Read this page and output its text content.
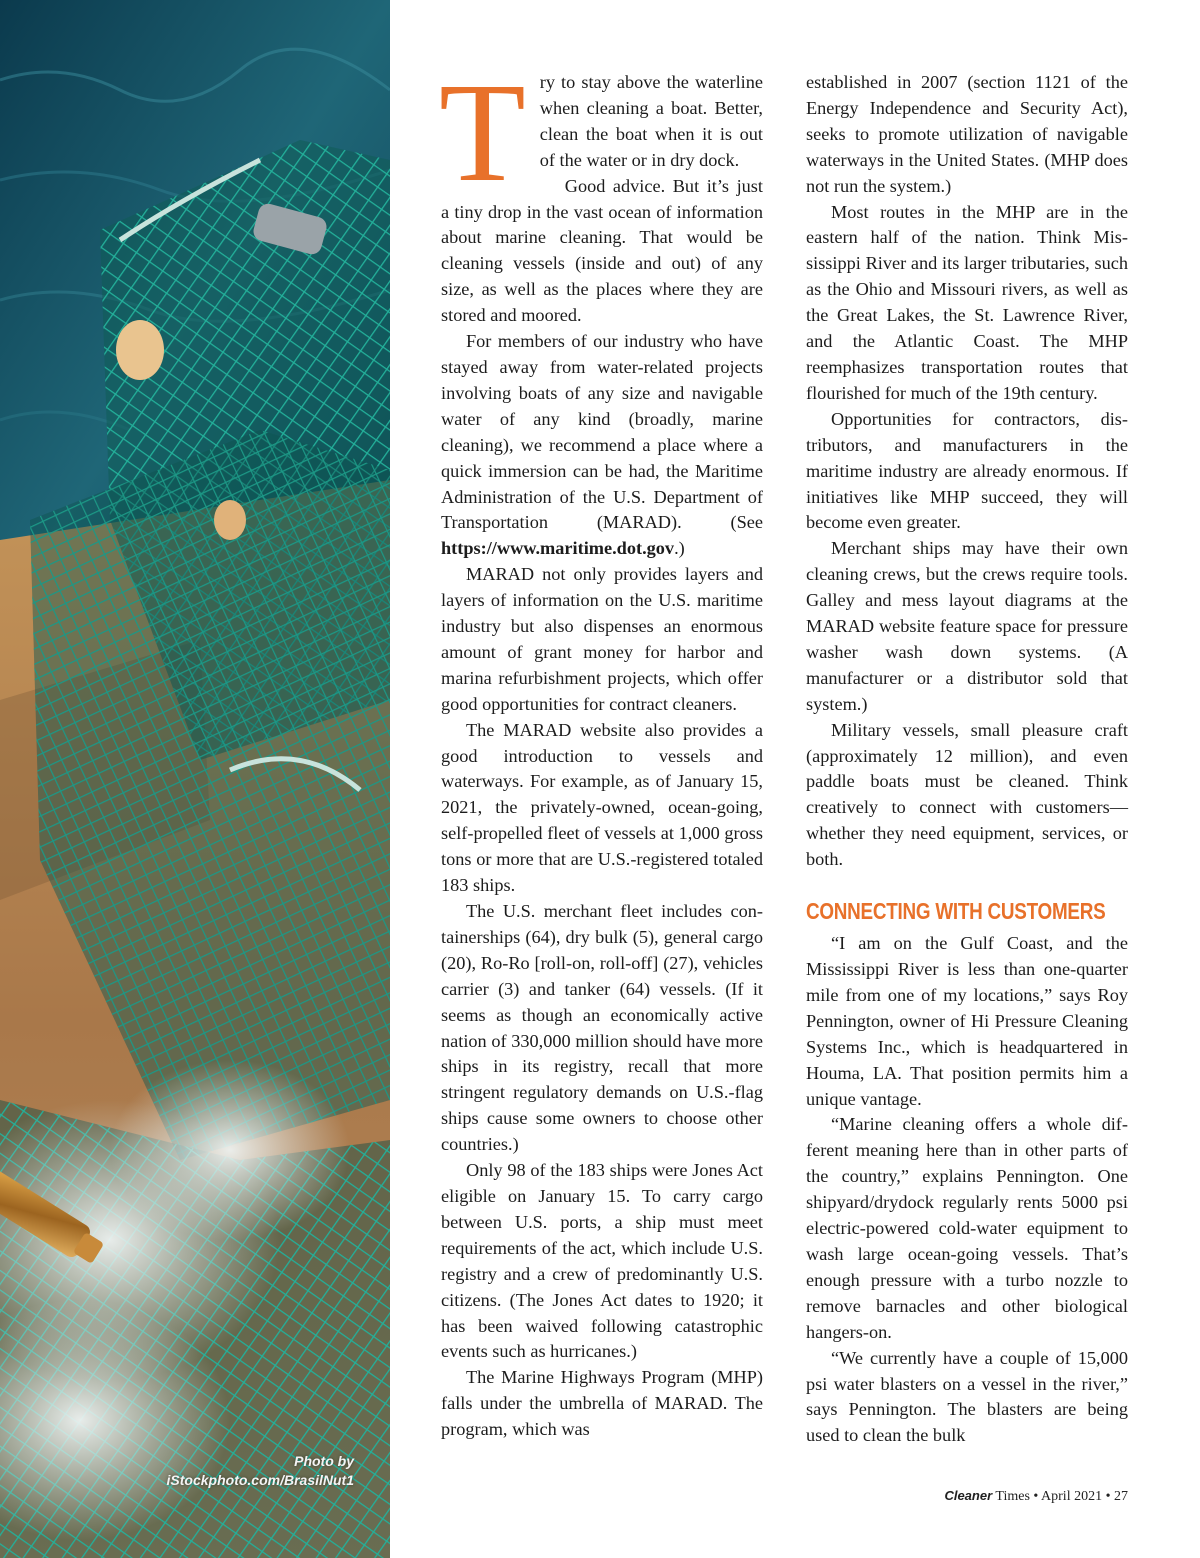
Photo by
iStockphoto.com/BrasilNut1

Try to stay above the waterline when cleaning a boat. Better, clean the boat when it is out of the water or in dry dock.

Good advice. But it’s just a tiny drop in the vast ocean of information about marine cleaning. That would be cleaning vessels (inside and out) of any size, as well as the places where they are stored and moored.

For members of our industry who have stayed away from water-related projects involving boats of any size and navigable water of any kind (broadly, marine cleaning), we recommend a place where a quick immersion can be had, the Maritime Administration of the U.S. Department of Transportation (MARAD). (See https://www.maritime.dot.gov.)

MARAD not only provides layers and layers of information on the U.S. maritime industry but also dispenses an enormous amount of grant money for harbor and marina refurbishment projects, which offer good opportunities for contract cleaners.

The MARAD website also provides a good introduction to vessels and waterways. For example, as of January 15, 2021, the privately-owned, ocean-going, self-propelled fleet of vessels at 1,000 gross tons or more that are U.S.-registered totaled 183 ships.

The U.S. merchant fleet includes containerships (64), dry bulk (5), general cargo (20), Ro-Ro [roll-on, roll-off] (27), vehicles carrier (3) and tanker (64) vessels. (If it seems as though an economically active nation of 330,000 million should have more ships in its registry, recall that more stringent regulatory demands on U.S.-flag ships cause some owners to choose other countries.)

Only 98 of the 183 ships were Jones Act eligible on January 15. To carry cargo between U.S. ports, a ship must meet requirements of the act, which include U.S. registry and a crew of predominantly U.S. citizens. (The Jones Act dates to 1920; it has been waived following catastrophic events such as hurricanes.)

The Marine Highways Program (MHP) falls under the umbrella of MARAD. The program, which was

established in 2007 (section 1121 of the Energy Independence and Security Act), seeks to promote utilization of navigable waterways in the United States. (MHP does not run the system.)

Most routes in the MHP are in the eastern half of the nation. Think Mississippi River and its larger tributaries, such as the Ohio and Missouri rivers, as well as the Great Lakes, the St. Lawrence River, and the Atlantic Coast. The MHP reemphasizes transportation routes that flourished for much of the 19th century.

Opportunities for contractors, distributors, and manufacturers in the maritime industry are already enormous. If initiatives like MHP succeed, they will become even greater.

Merchant ships may have their own cleaning crews, but the crews require tools. Galley and mess layout diagrams at the MARAD website feature space for pressure washer wash down systems. (A manufacturer or a distributor sold that system.)

Military vessels, small pleasure craft (approximately 12 million), and even paddle boats must be cleaned. Think creatively to connect with customers—whether they need equipment, services, or both.

CONNECTING WITH CUSTOMERS

“I am on the Gulf Coast, and the Mississippi River is less than one-quarter mile from one of my locations,” says Roy Pennington, owner of Hi Pressure Cleaning Systems Inc., which is headquartered in Houma, LA. That position permits him a unique vantage.

“Marine cleaning offers a whole different meaning here than in other parts of the country,” explains Pennington. One shipyard/drydock regularly rents 5000 psi electric-powered cold-water equipment to wash large ocean-going vessels. That’s enough pressure with a turbo nozzle to remove barnacles and other biological hangers-on.

“We currently have a couple of 15,000 psi water blasters on a vessel in the river,” says Pennington. The blasters are being used to clean the bulk

Cleaner Times • April 2021 • 27
